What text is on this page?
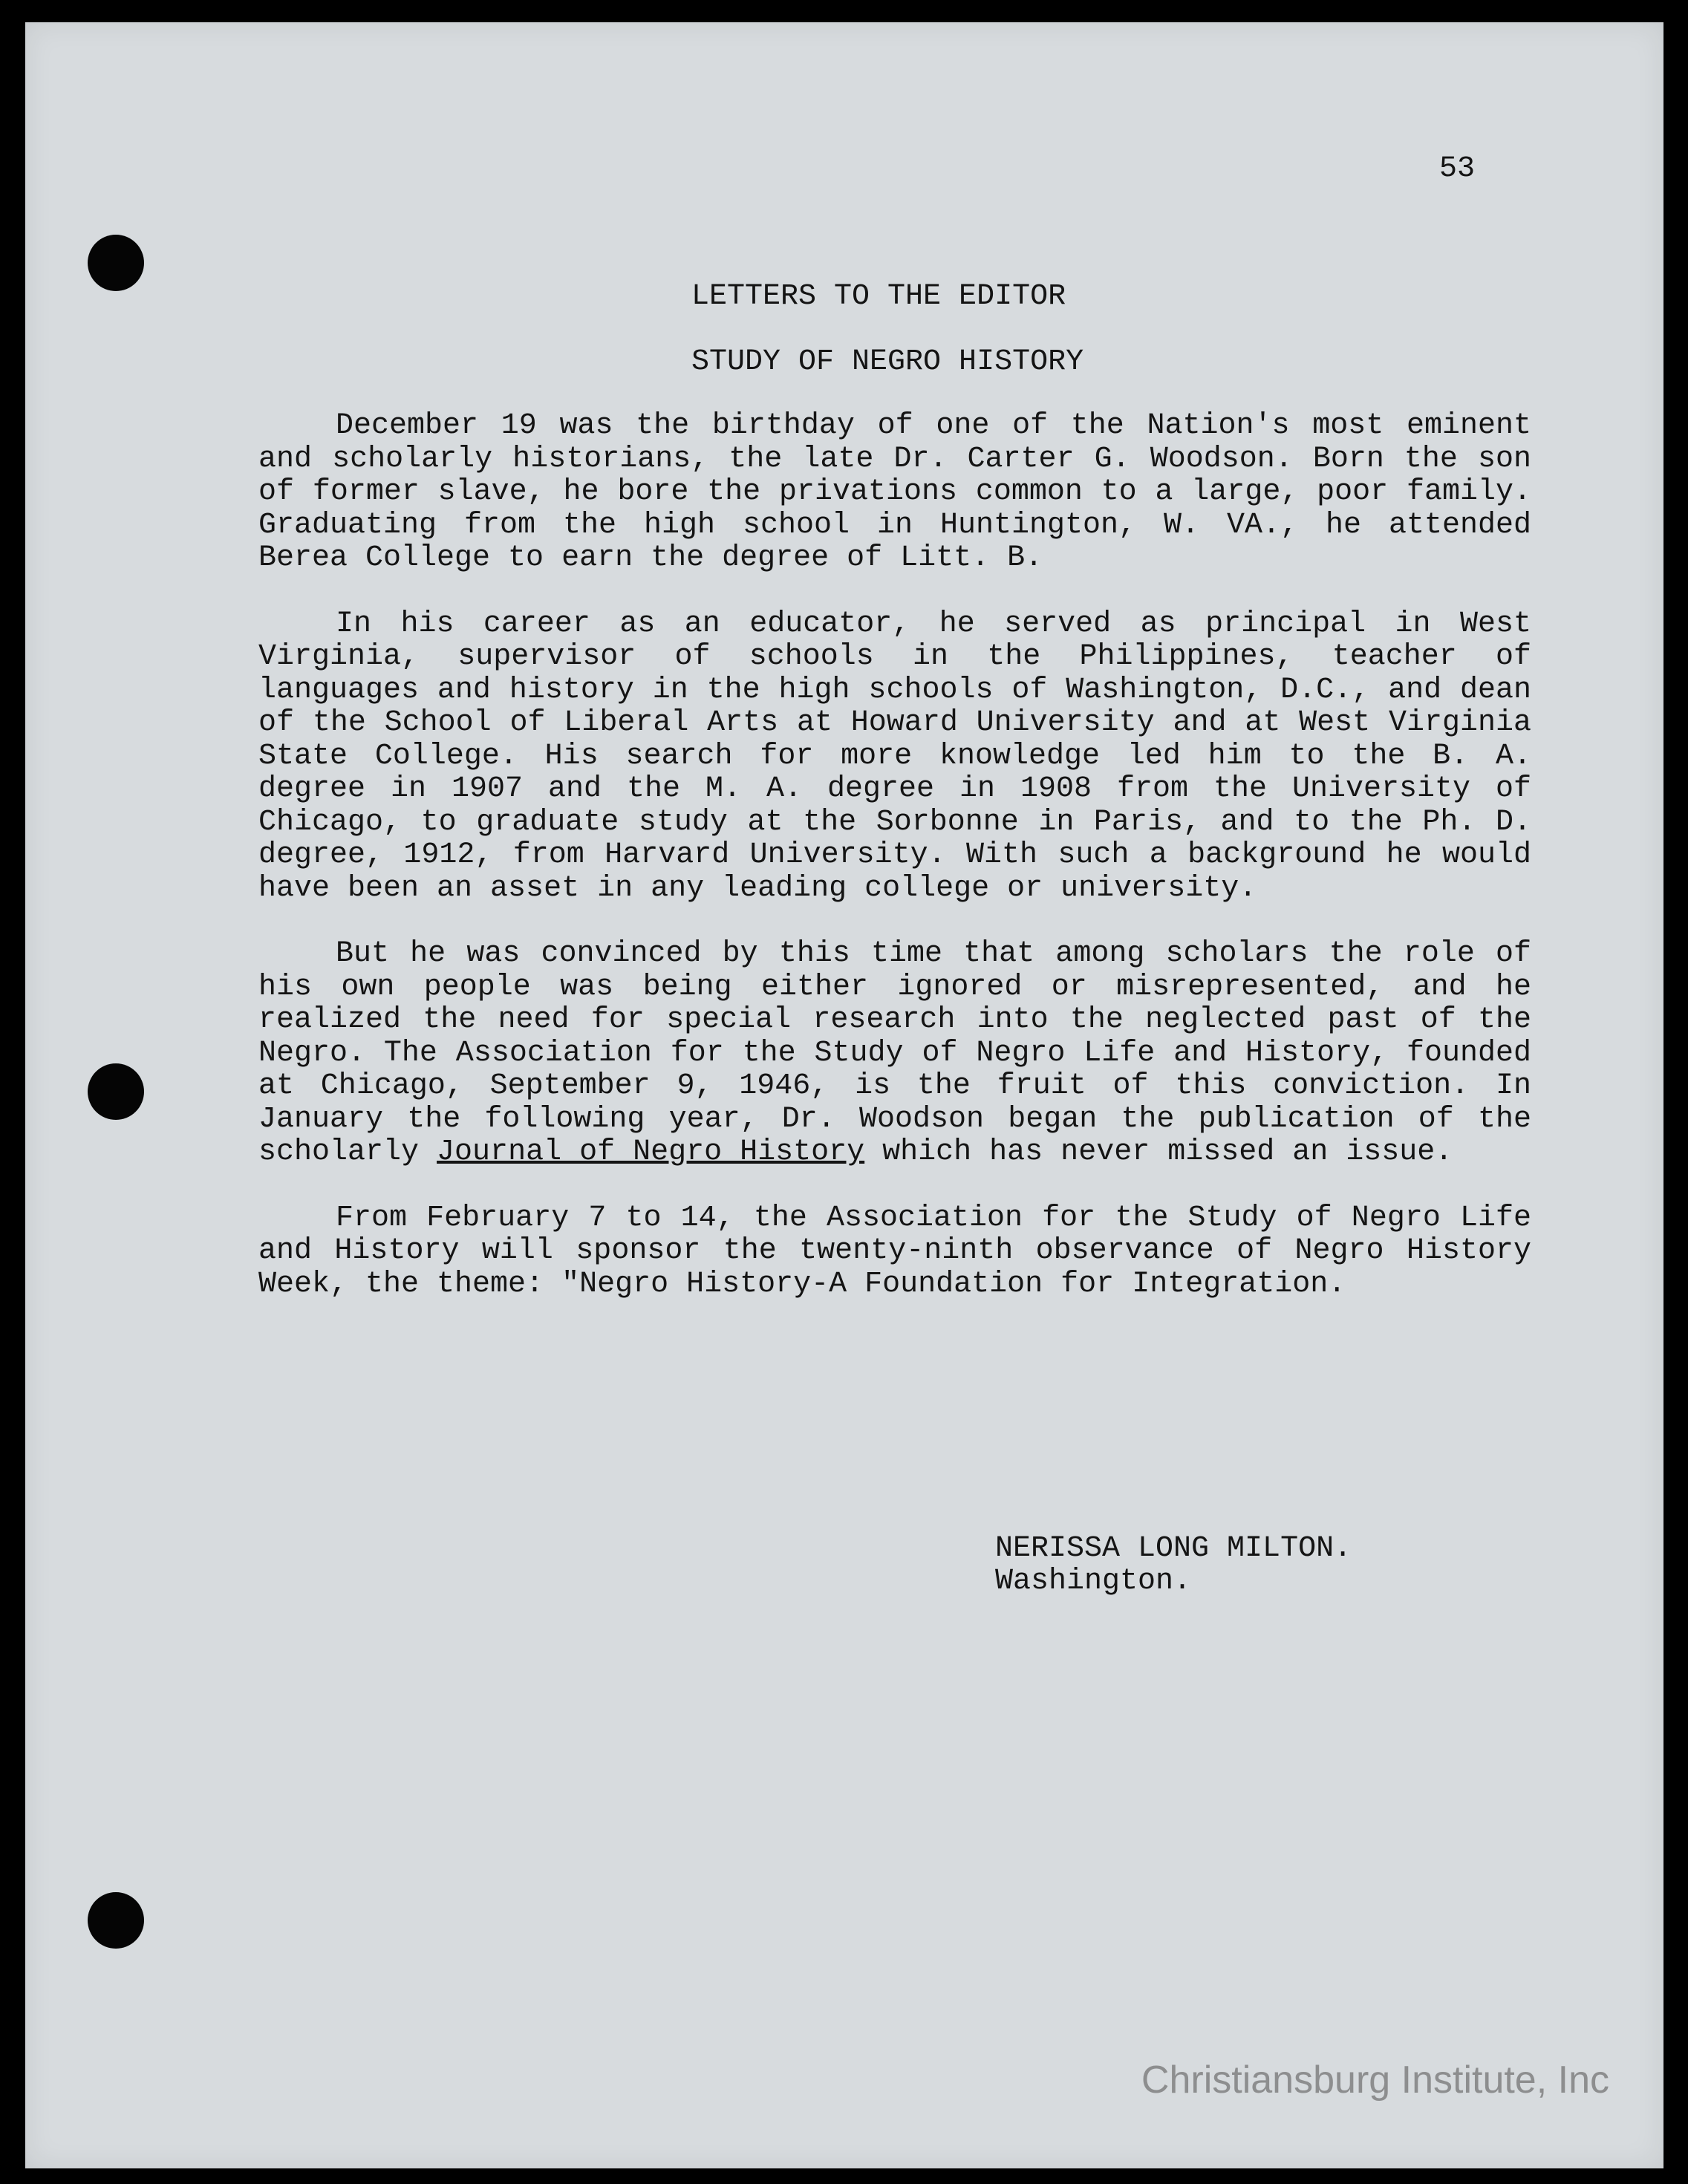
53
LETTERS TO THE EDITOR
STUDY OF NEGRO HISTORY

December 19 was the birthday of one of the Nation's most eminent and scholarly historians, the late Dr. Carter G. Woodson. Born the son of former slave, he bore the privations common to a large, poor family. Graduating from the high school in Huntington, W. VA., he attended Berea College to earn the degree of Litt. B.

In his career as an educator, he served as principal in West Virginia, supervisor of schools in the Philippines, teacher of languages and history in the high schools of Washington, D.C., and dean of the School of Liberal Arts at Howard University and at West Virginia State College. His search for more knowledge led him to the B. A. degree in 1907 and the M. A. degree in 1908 from the University of Chicago, to graduate study at the Sorbonne in Paris, and to the Ph. D. degree, 1912, from Harvard University. With such a background he would have been an asset in any leading college or university.

But he was convinced by this time that among scholars the role of his own people was being either ignored or misrepresented, and he realized the need for special research into the neglected past of the Negro. The Association for the Study of Negro Life and History, founded at Chicago, September 9, 1946, is the fruit of this conviction. In January the following year, Dr. Woodson began the publication of the scholarly Journal of Negro History which has never missed an issue.

From February 7 to 14, the Association for the Study of Negro Life and History will sponsor the twenty-ninth observance of Negro History Week, the theme: "Negro History-A Foundation for Integration.

NERISSA LONG MILTON.
Washington.
Christiansburg Institute, Inc
